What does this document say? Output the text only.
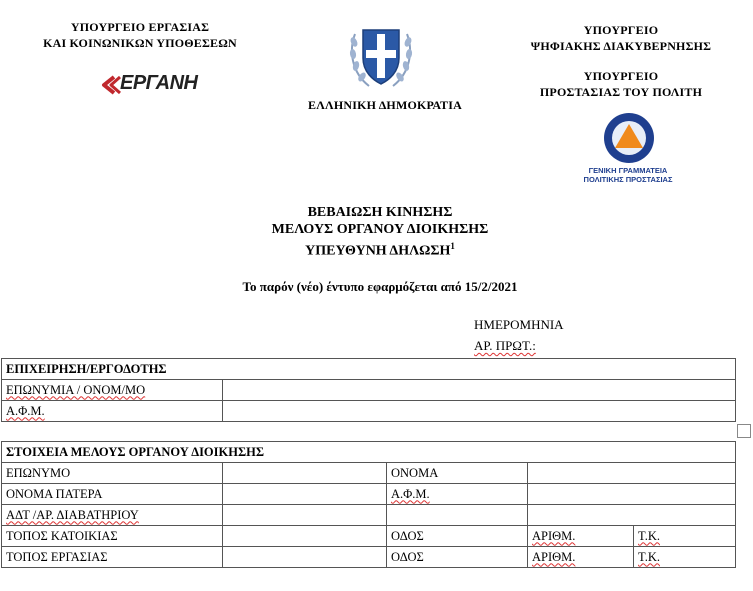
ΥΠΟΥΡΓΕΙΟ ΕΡΓΑΣΙΑΣ
ΚΑΙ ΚΟΙΝΩΝΙΚΩΝ ΥΠΟΘΕΣΕΩΝ
ΕΡΓΑΝΗ
ΕΛΛΗΝΙΚΗ ΔΗΜΟΚΡΑΤΙΑ
ΥΠΟΥΡΓΕΙΟ
ΨΗΦΙΑΚΗΣ ΔΙΑΚΥΒΕΡΝΗΣΗΣ
ΥΠΟΥΡΓΕΙΟ
ΠΡΟΣΤΑΣΙΑΣ ΤΟΥ ΠΟΛΙΤΗ
ΓΕΝΙΚΗ ΓΡΑΜΜΑΤΕΙΑ
ΠΟΛΙΤΙΚΗΣ ΠΡΟΣΤΑΣΙΑΣ
ΒΕΒΑΙΩΣΗ ΚΙΝΗΣΗΣ
ΜΕΛΟΥΣ ΟΡΓΑΝΟΥ ΔΙΟΙΚΗΣΗΣ
ΥΠΕΥΘΥΝΗ ΔΗΛΩΣΗ$^1$
Το παρόν (νέο) έντυπο εφαρμόζεται από 15/2/2021
ΗΜΕΡΟΜΗΝΙΑ
ΑΡ. ΠΡΩΤ.:
ΕΠΙΧΕΙΡΗΣΗ/ΕΡΓΟΔΟΤΗΣ	
ΕΠΩΝΥΜΙΑ / ΟΝΟΜ/ΜΟ	
Α.Φ.Μ.	
ΣΤΟΙΧΕΙΑ ΜΕΛΟΥΣ ΟΡΓΑΝΟΥ ΔΙΟΙΚΗΣΗΣ				
ΕΠΩΝΥΜΟ		ΟΝΟΜΑ		
ΟΝΟΜΑ ΠΑΤΕΡΑ		Α.Φ.Μ.		
ΑΔΤ /ΑΡ. ΔΙΑΒΑΤΗΡΙΟΥ				
ΤΟΠΟΣ ΚΑΤΟΙΚΙΑΣ		ΟΔΟΣ	ΑΡΙΘΜ.	Τ.Κ.
ΤΟΠΟΣ ΕΡΓΑΣΙΑΣ		ΟΔΟΣ	ΑΡΙΘΜ.	Τ.Κ.
